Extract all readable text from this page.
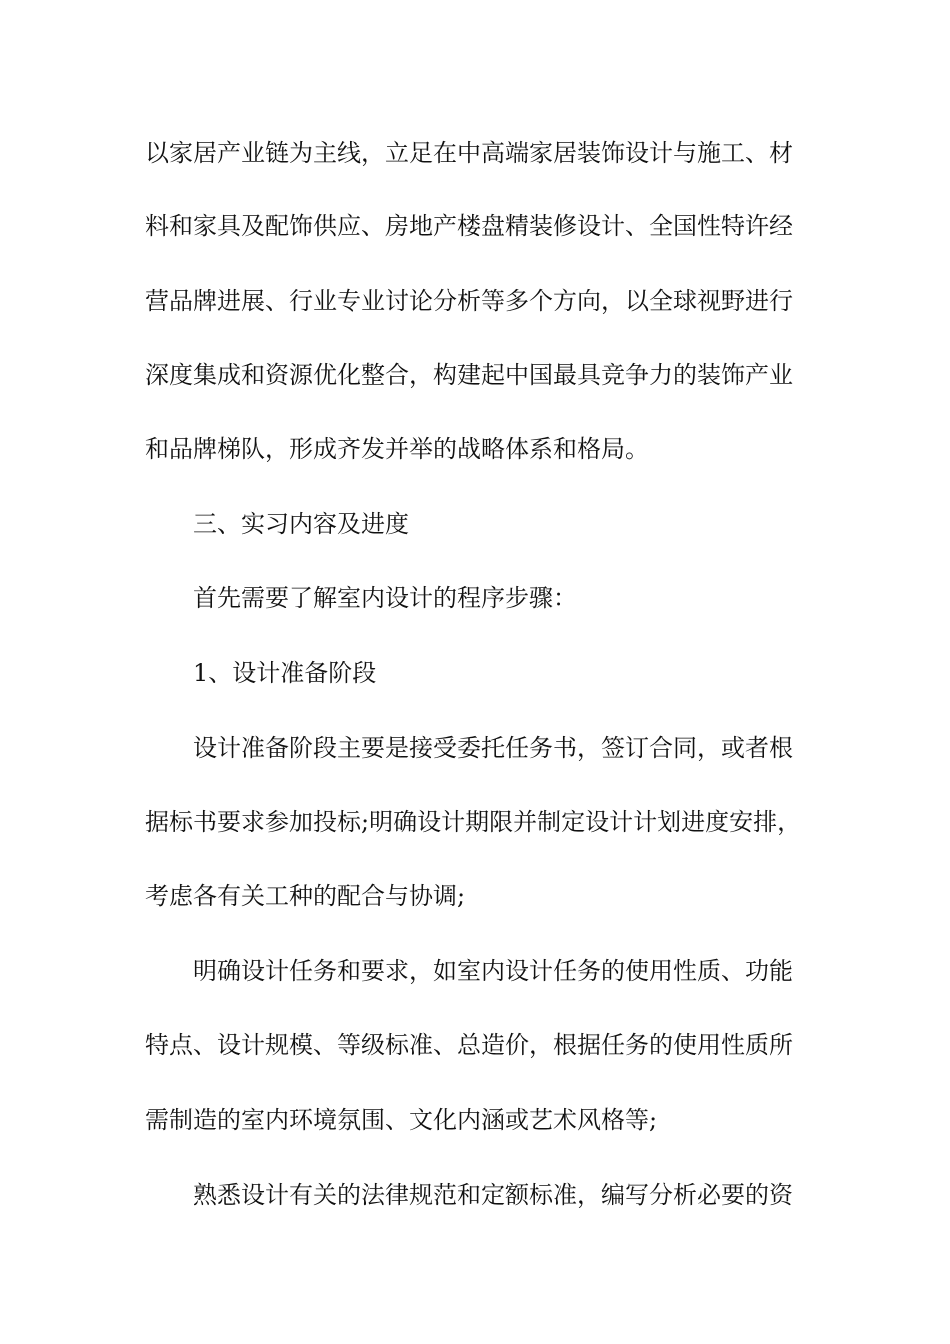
以家居产业链为主线，立足在中高端家居装饰设计与施工、材
料和家具及配饰供应、房地产楼盘精装修设计、全国性特许经
营品牌进展、行业专业讨论分析等多个方向，以全球视野进行
深度集成和资源优化整合，构建起中国最具竞争力的装饰产业
和品牌梯队，形成齐发并举的战略体系和格局。
三、实习内容及进度
首先需要了解室内设计的程序步骤：
1、设计准备阶段
设计准备阶段主要是接受委托任务书，签订合同，或者根
据标书要求参加投标;明确设计期限并制定设计计划进度安排，
考虑各有关工种的配合与协调;
明确设计任务和要求，如室内设计任务的使用性质、功能
特点、设计规模、等级标准、总造价，根据任务的使用性质所
需制造的室内环境氛围、文化内涵或艺术风格等;
熟悉设计有关的法律规范和定额标准，编写分析必要的资
